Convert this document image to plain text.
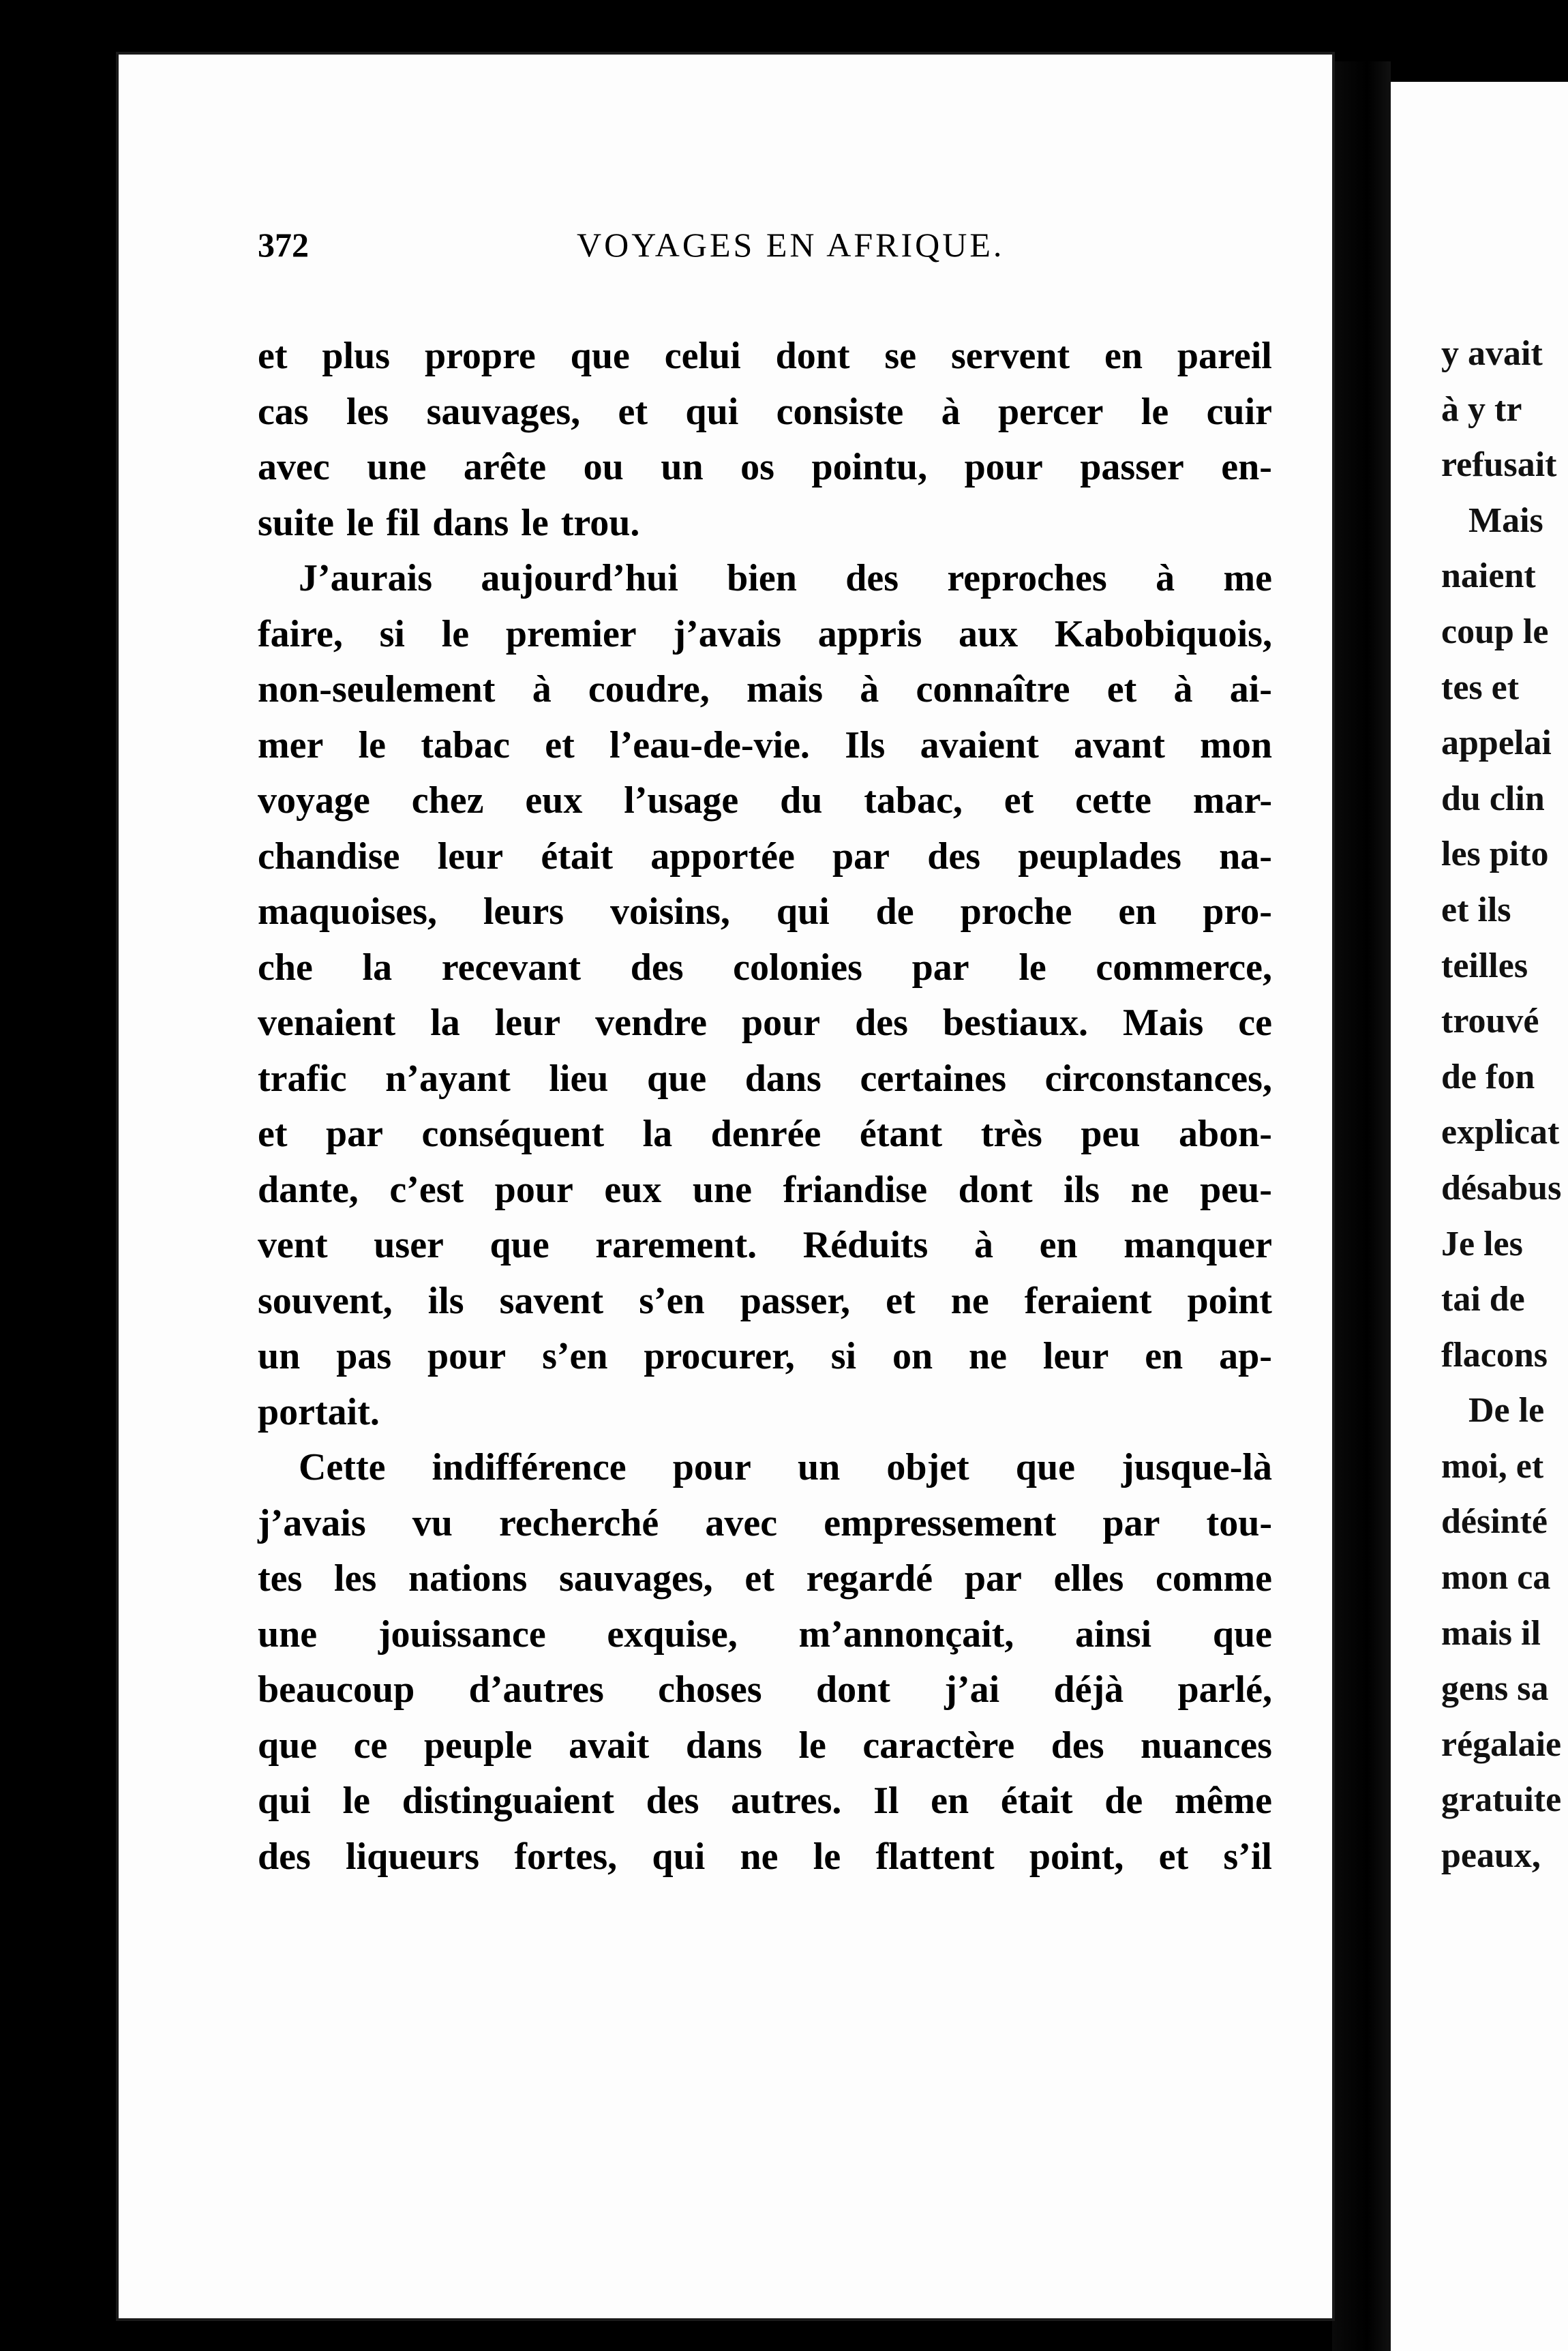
372	VOYAGES EN AFRIQUE.
et plus propre que celui dont se servent en pareil
cas les sauvages, et qui consiste à percer le cuir
avec une arête ou un os pointu, pour passer en-
suite le fil dans le trou.
J’aurais aujourd’hui bien des reproches à me
faire, si le premier j’avais appris aux Kabobiquois,
non-seulement à coudre, mais à connaître et à ai-
mer le tabac et l’eau-de-vie. Ils avaient avant mon
voyage chez eux l’usage du tabac, et cette mar-
chandise leur était apportée par des peuplades na-
maquoises, leurs voisins, qui de proche en pro-
che la recevant des colonies par le commerce,
venaient la leur vendre pour des bestiaux. Mais ce
trafic n’ayant lieu que dans certaines circonstances,
et par conséquent la denrée étant très peu abon-
dante, c’est pour eux une friandise dont ils ne peu-
vent user que rarement. Réduits à en manquer
souvent, ils savent s’en passer, et ne feraient point
un pas pour s’en procurer, si on ne leur en ap-
portait.
Cette indifférence pour un objet que jusque-là
j’avais vu recherché avec empressement par tou-
tes les nations sauvages, et regardé par elles comme
une jouissance exquise, m’annonçait, ainsi que
beaucoup d’autres choses dont j’ai déjà parlé,
que ce peuple avait dans le caractère des nuances
qui le distinguaient des autres. Il en était de même
des liqueurs fortes, qui ne le flattent point, et s’il
y avait
à y tr
refusait
Mais
naient
coup le
tes et
appelai
du clin
les pito
et ils
teilles
trouvé
de fon
explicat
désabus
Je les
tai de
flacons
De le
moi, et
désinté
mon ca
mais il
gens sa
régalaie
gratuite
peaux,
